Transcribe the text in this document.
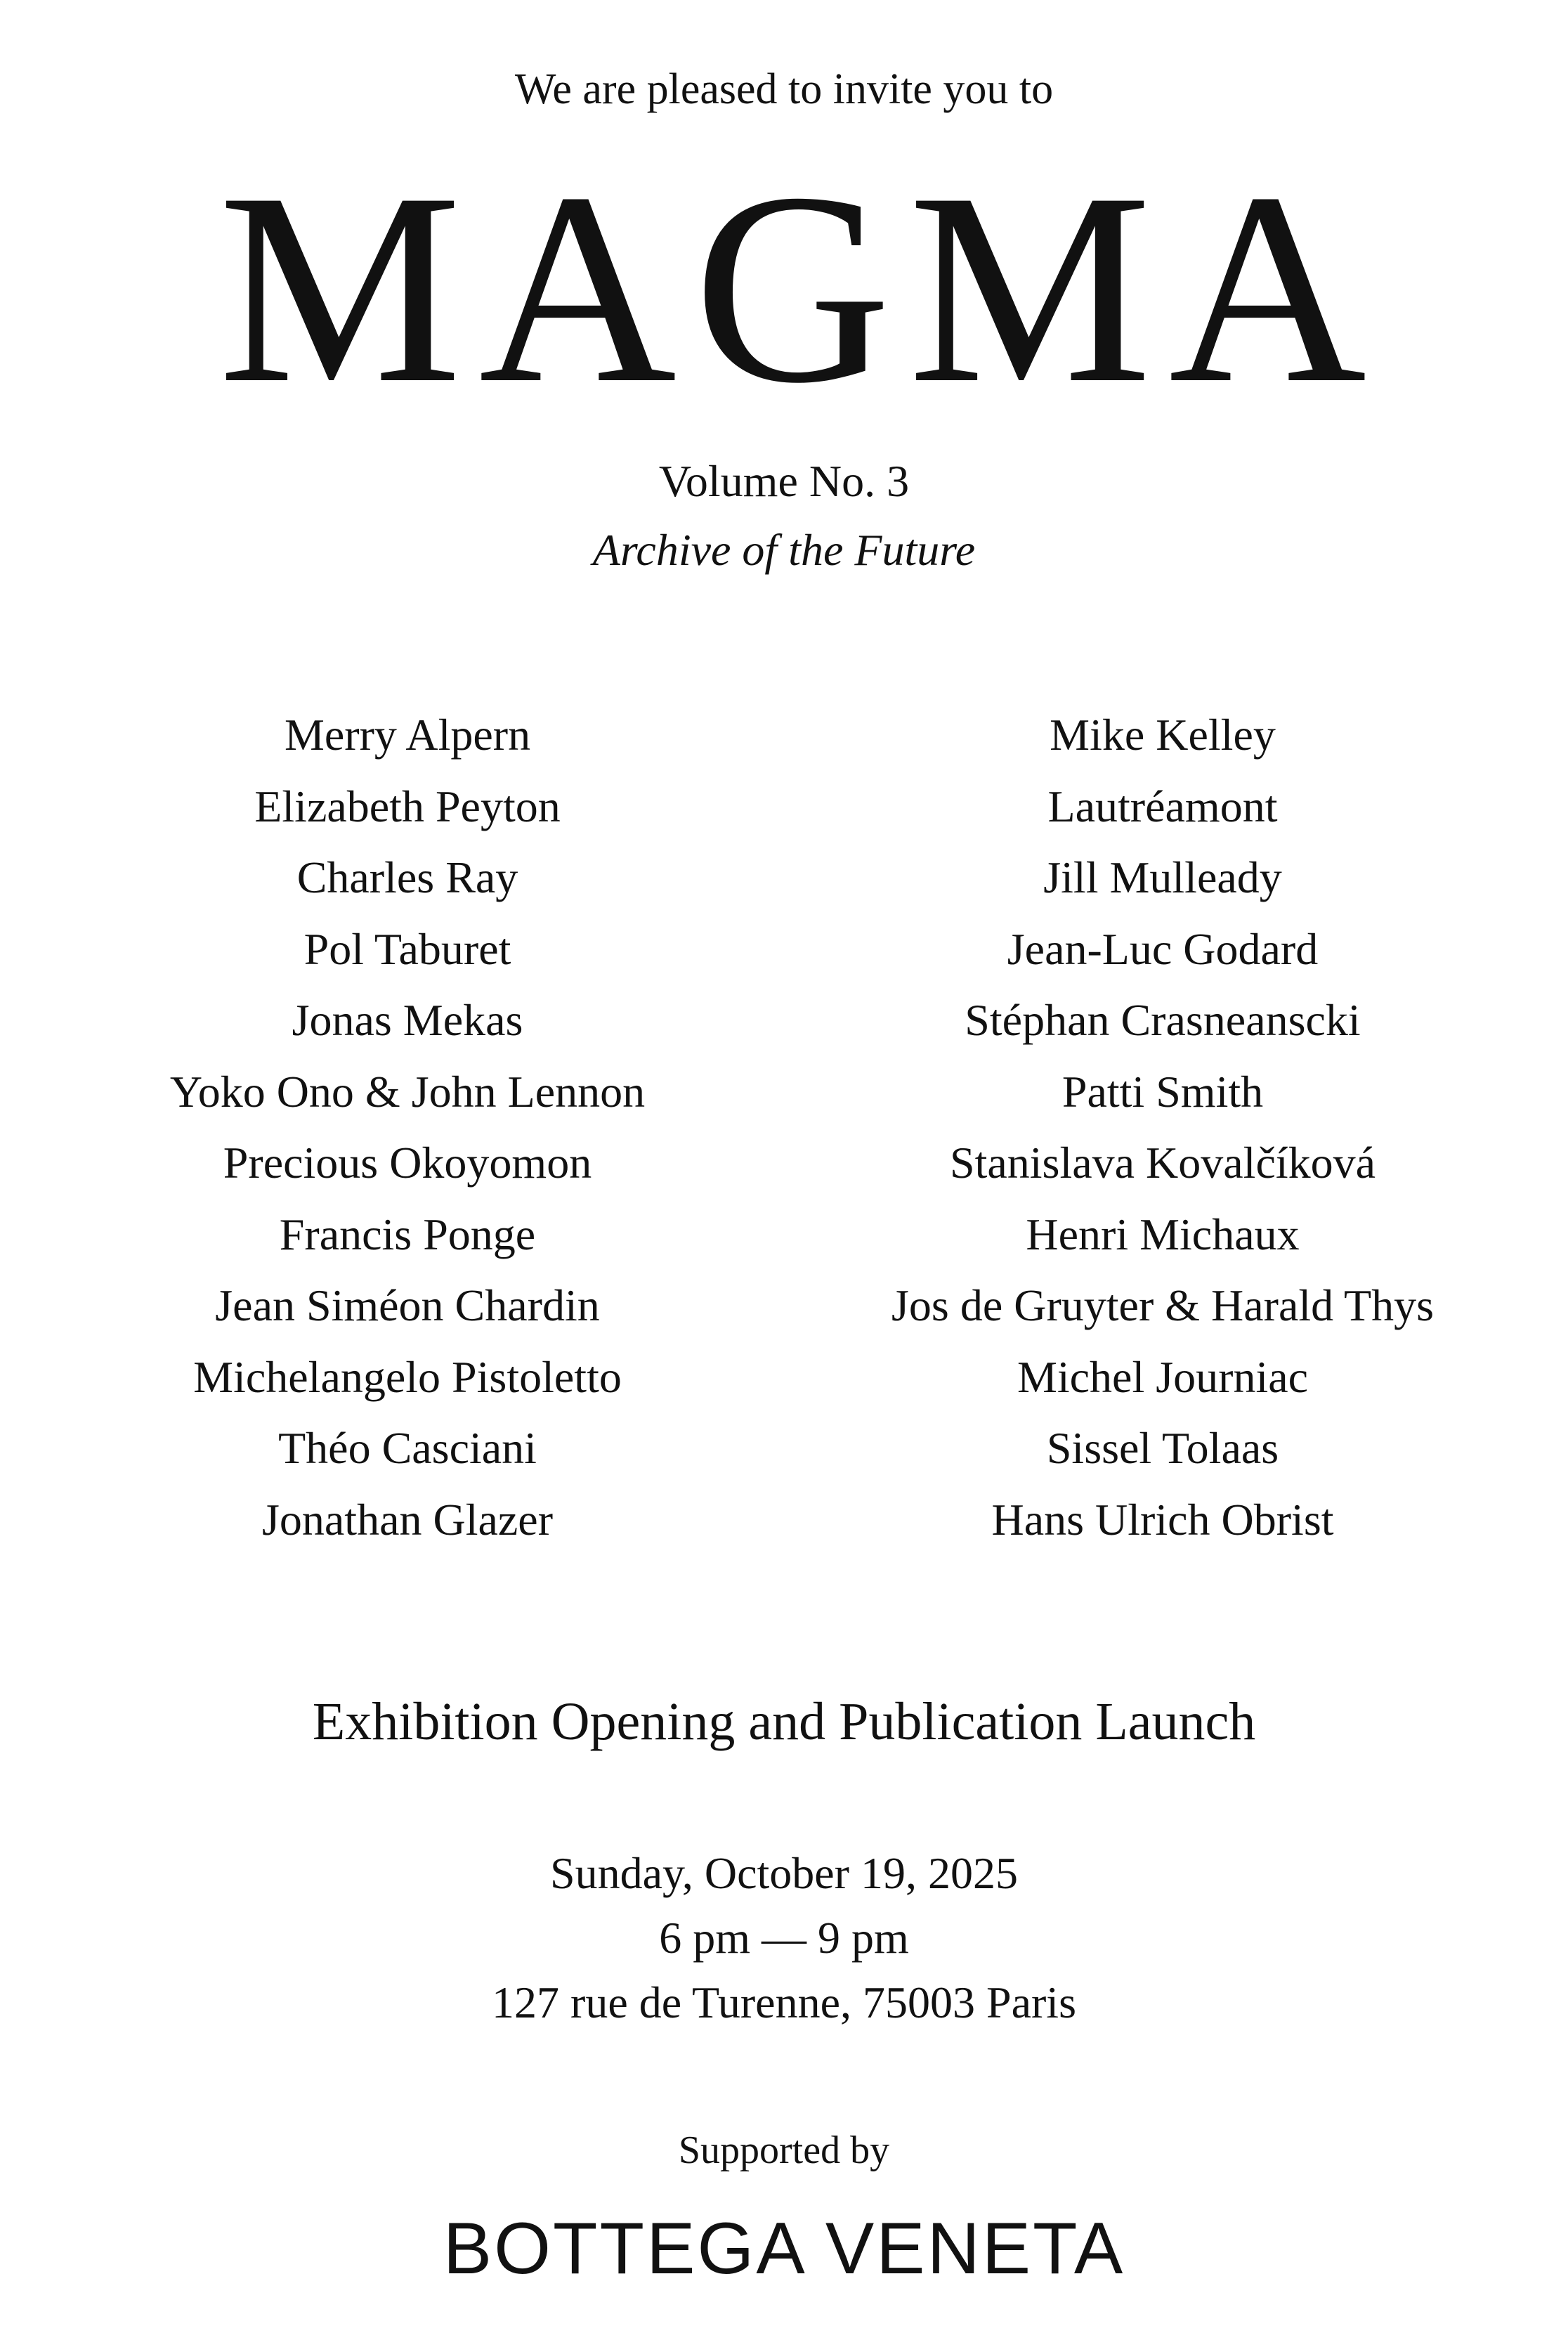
We are pleased to invite you to
MAGMA
Volume No. 3
Archive of the Future
Merry Alpern
Elizabeth Peyton
Charles Ray
Pol Taburet
Jonas Mekas
Yoko Ono & John Lennon
Precious Okoyomon
Francis Ponge
Jean Siméon Chardin
Michelangelo Pistoletto
Théo Casciani
Jonathan Glazer
Mike Kelley
Lautréamont
Jill Mulleady
Jean-Luc Godard
Stéphan Crasneanscki
Patti Smith
Stanislava Kovalčíková
Henri Michaux
Jos de Gruyter & Harald Thys
Michel Journiac
Sissel Tolaas
Hans Ulrich Obrist
Exhibition Opening and Publication Launch
Sunday, October 19, 2025
6 pm — 9 pm
127 rue de Turenne, 75003 Paris
Supported by
BOTTEGA VENETA
